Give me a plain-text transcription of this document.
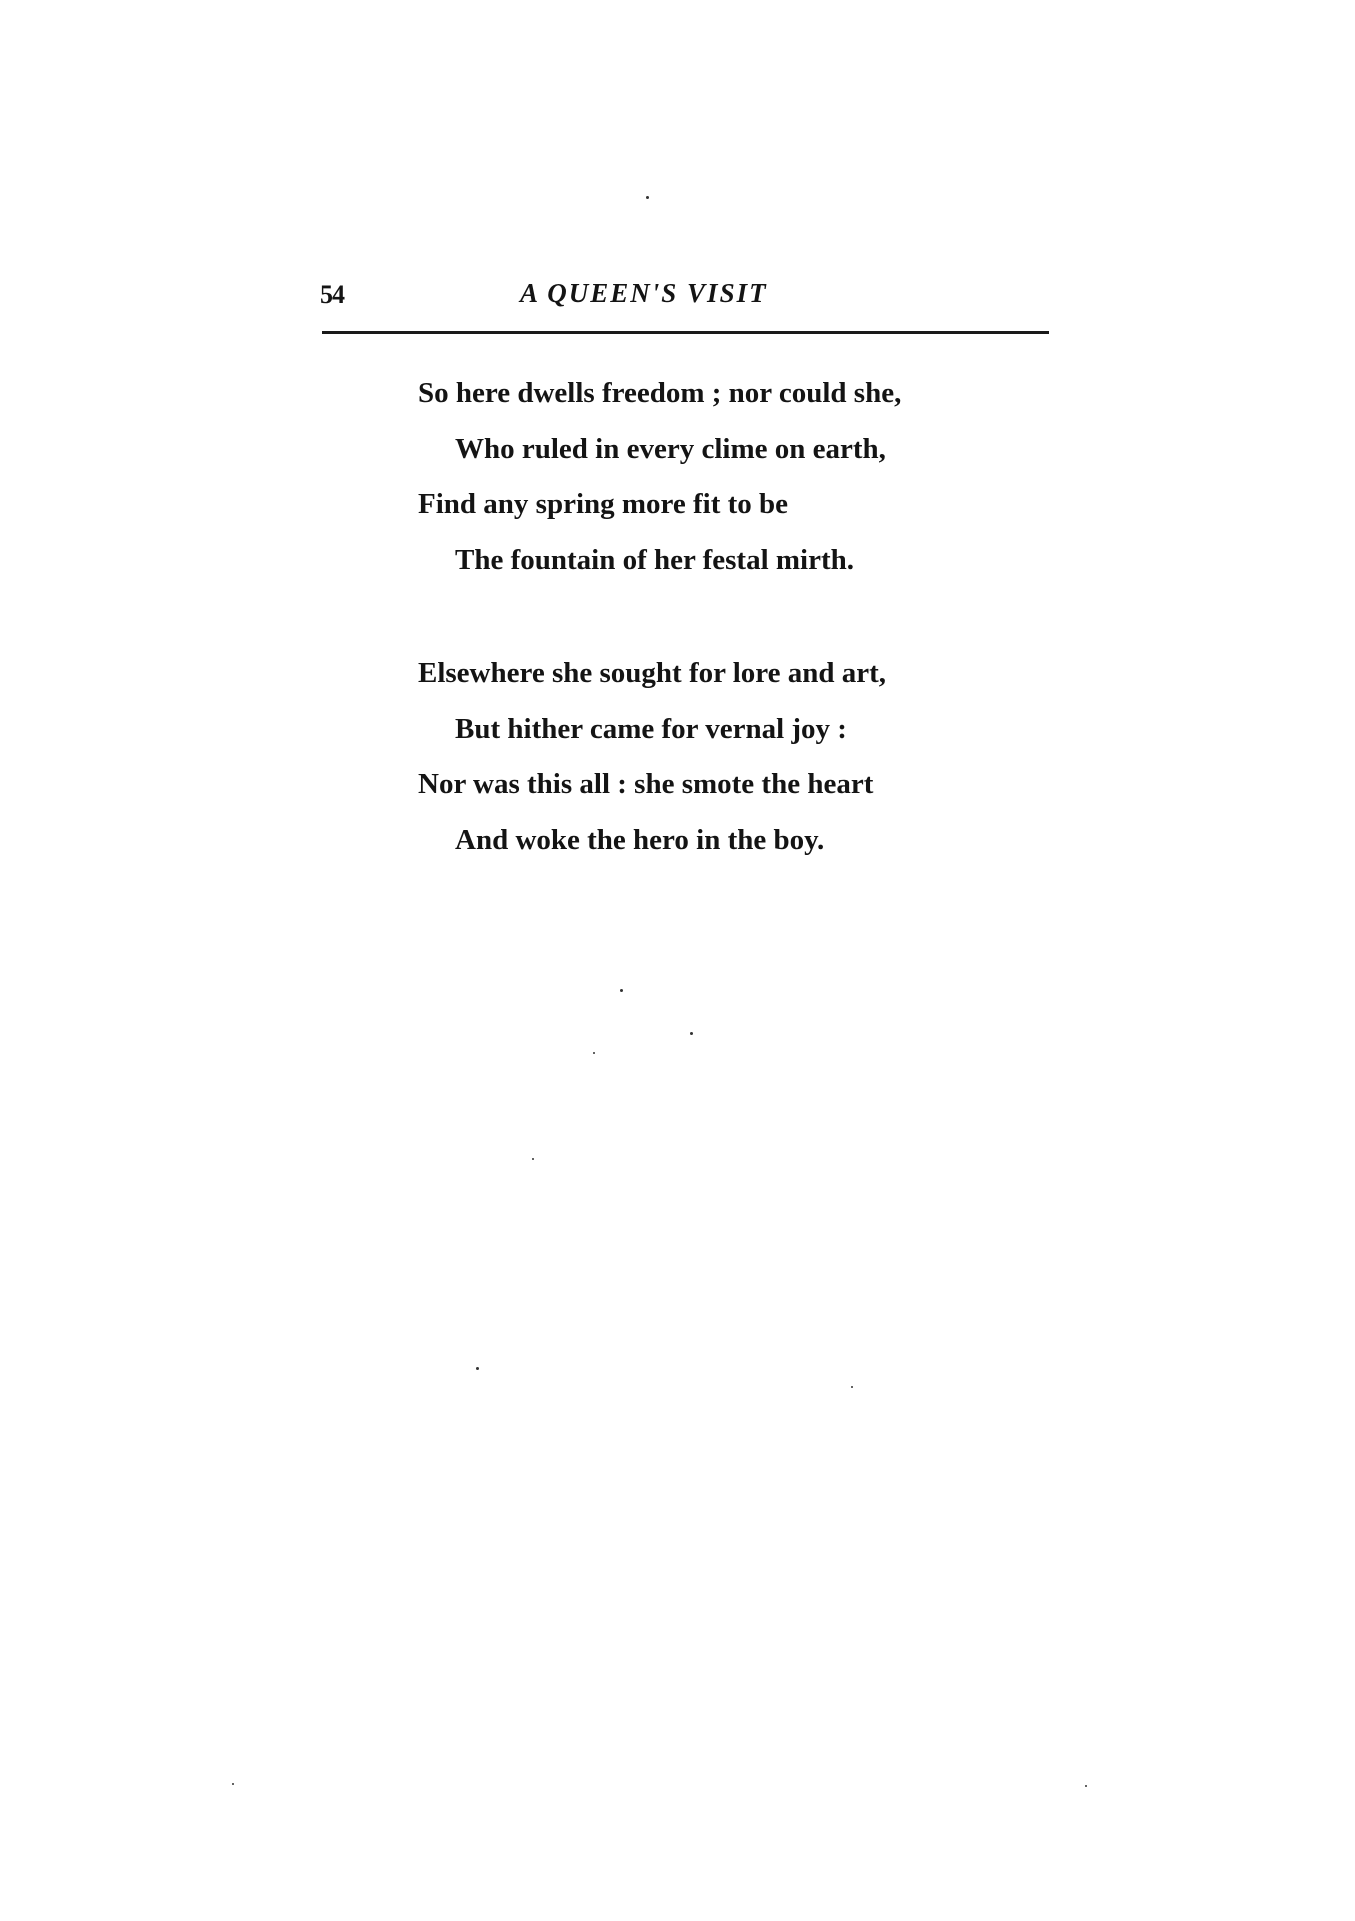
54	A QUEEN'S VISIT
So here dwells freedom ; nor could she,
Who ruled in every clime on earth,
Find any spring more fit to be
The fountain of her festal mirth.
Elsewhere she sought for lore and art,
But hither came for vernal joy :
Nor was this all : she smote the heart
And woke the hero in the boy.
